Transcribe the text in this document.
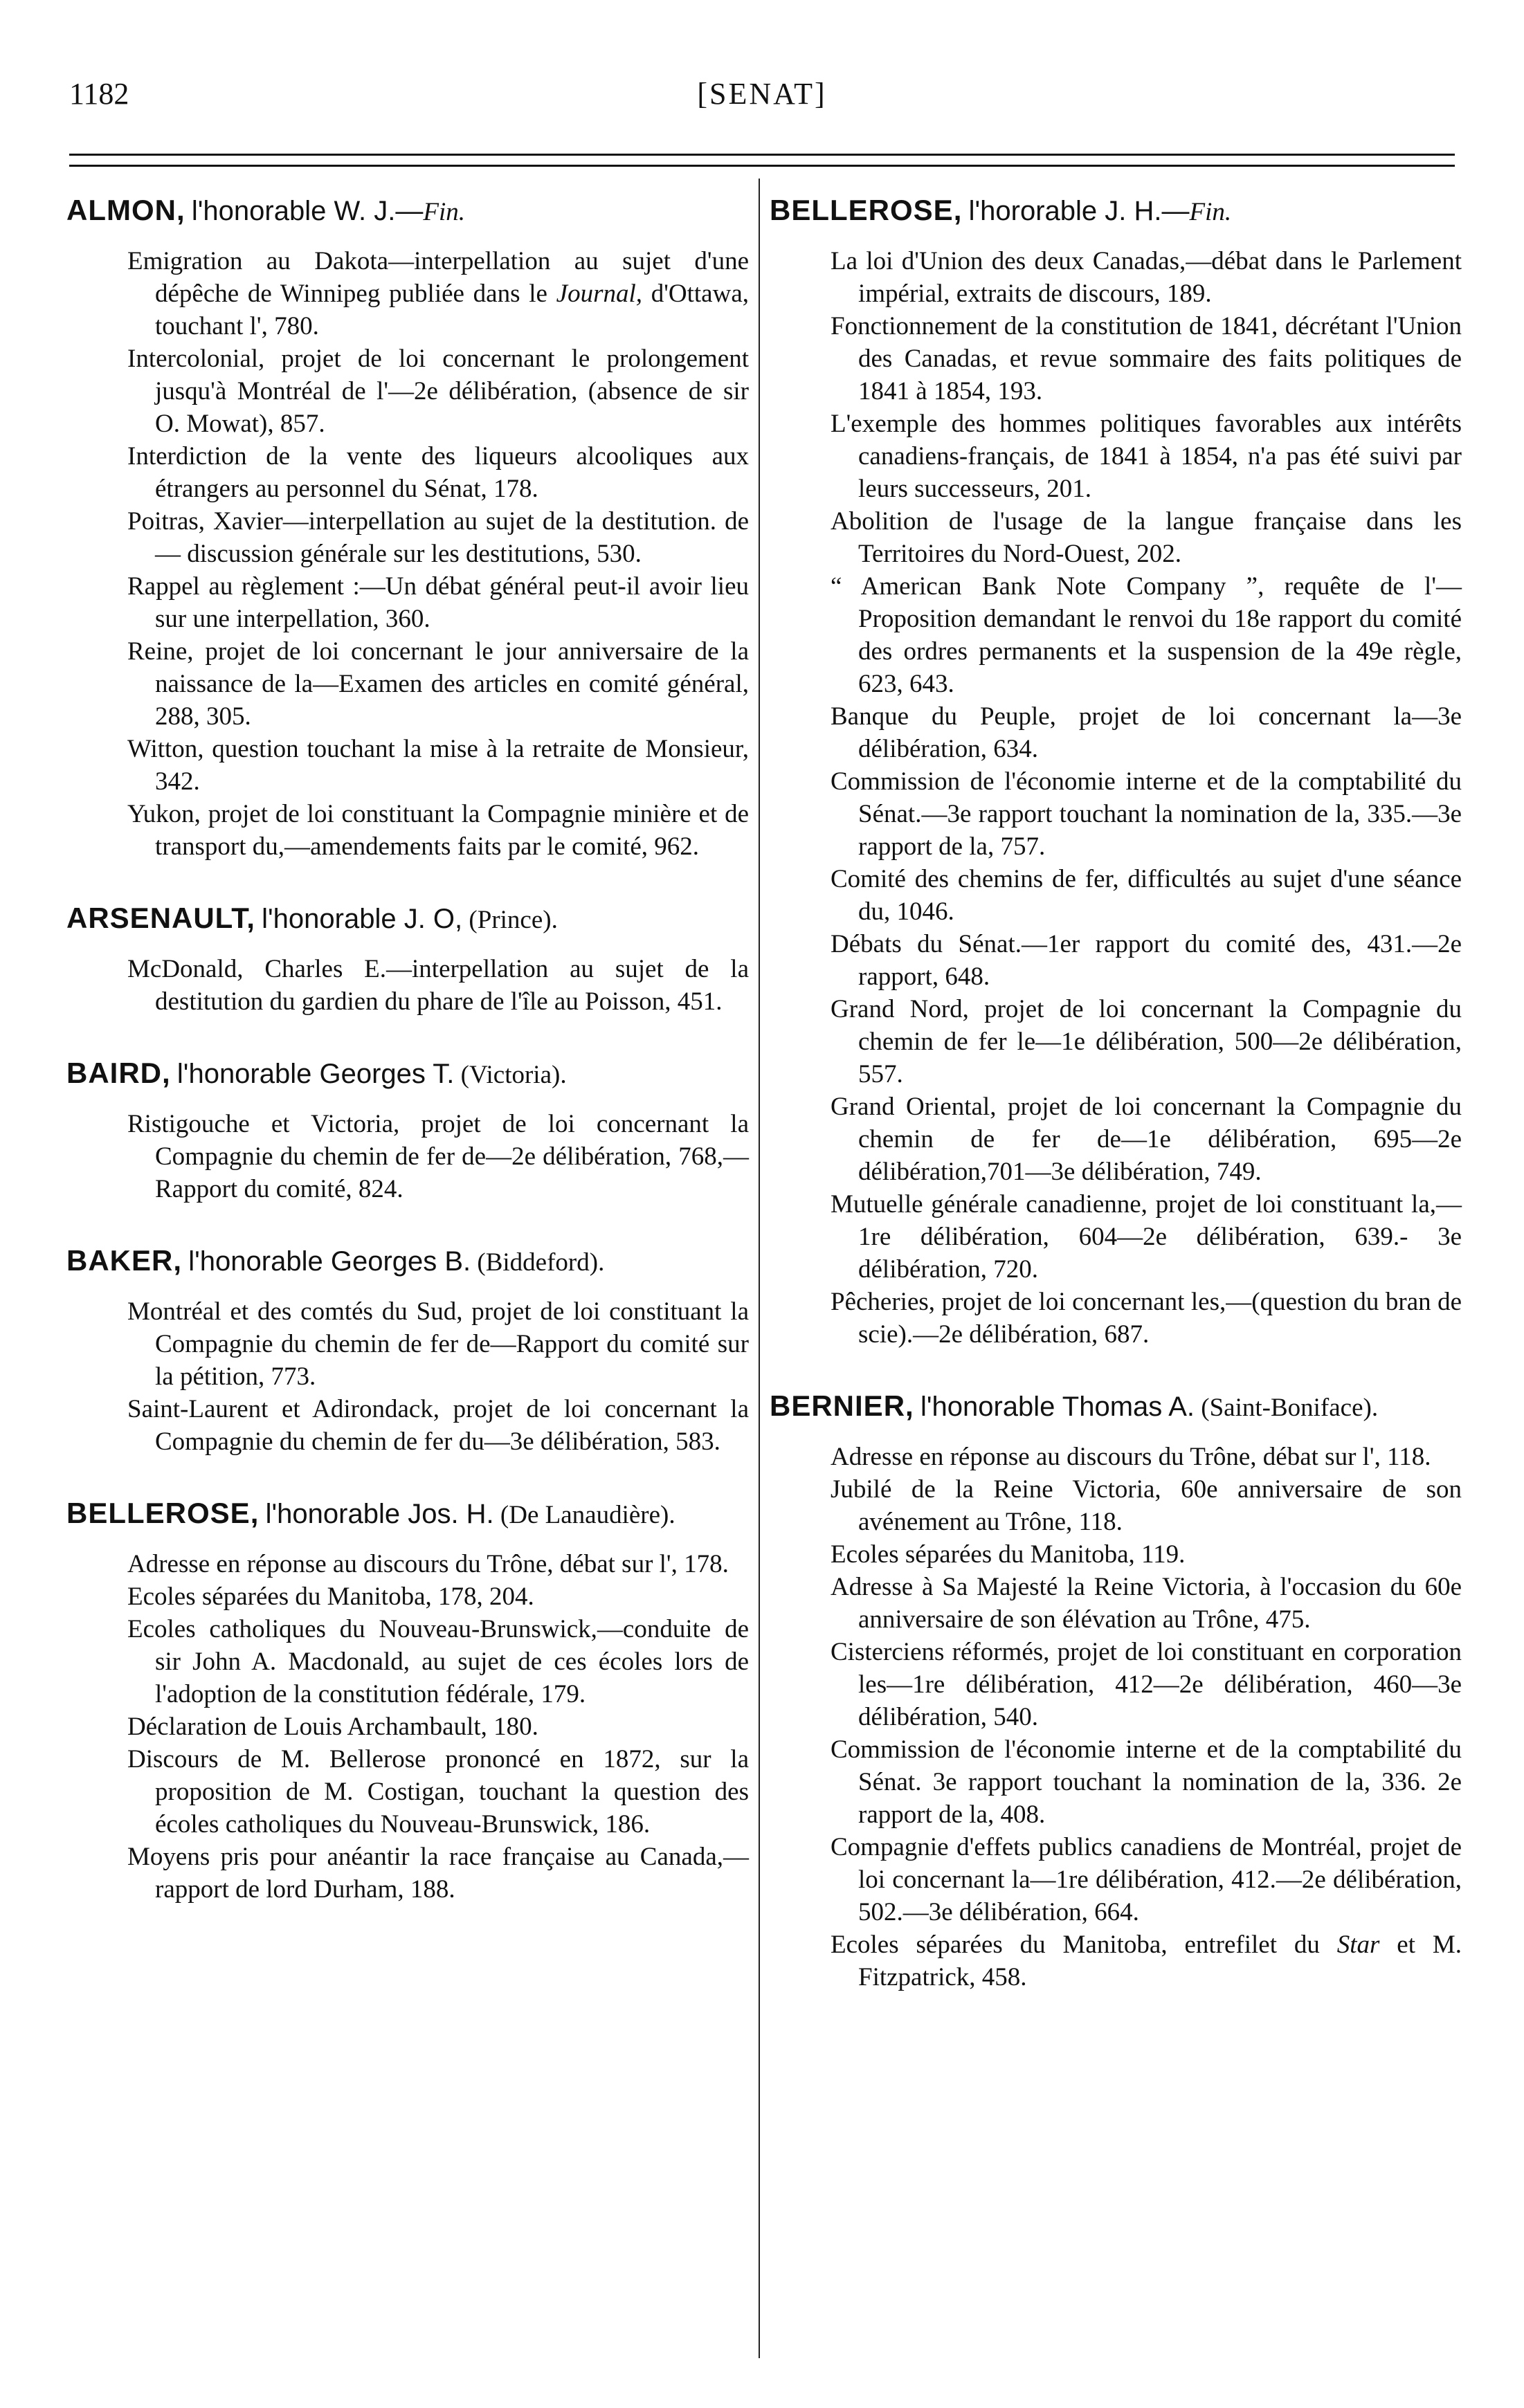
1182	[SENAT]

ALMON, l'honorable W. J.—Fin.

Emigration au Dakota—interpellation au sujet d'une dépêche de Winnipeg publiée dans le Journal, d'Ottawa, touchant l', 780.

Intercolonial, projet de loi concernant le prolongement jusqu'à Montréal de l'—2e délibération, (absence de sir O. Mowat), 857.

Interdiction de la vente des liqueurs alcooliques aux étrangers au personnel du Sénat, 178.

Poitras, Xavier—interpellation au sujet de la destitution. de— discussion générale sur les destitutions, 530.

Rappel au règlement :—Un débat général peut-il avoir lieu sur une interpellation, 360.

Reine, projet de loi concernant le jour anniversaire de la naissance de la—Examen des articles en comité général, 288, 305.

Witton, question touchant la mise à la retraite de Monsieur, 342.

Yukon, projet de loi constituant la Compagnie minière et de transport du,—amendements faits par le comité, 962.

ARSENAULT, l'honorable J. O, (Prince).

McDonald, Charles E.—interpellation au sujet de la destitution du gardien du phare de l'île au Poisson, 451.

BAIRD, l'honorable Georges T. (Victoria).

Ristigouche et Victoria, projet de loi concernant la Compagnie du chemin de fer de—2e délibération, 768,—Rapport du comité, 824.

BAKER, l'honorable Georges B. (Biddeford).

Montréal et des comtés du Sud, projet de loi constituant la Compagnie du chemin de fer de—Rapport du comité sur la pétition, 773.

Saint-Laurent et Adirondack, projet de loi concernant la Compagnie du chemin de fer du—3e délibération, 583.

BELLEROSE, l'honorable Jos. H. (De Lanaudière).

Adresse en réponse au discours du Trône, débat sur l', 178.

Ecoles séparées du Manitoba, 178, 204.

Ecoles catholiques du Nouveau-Brunswick,—conduite de sir John A. Macdonald, au sujet de ces écoles lors de l'adoption de la constitution fédérale, 179.

Déclaration de Louis Archambault, 180.

Discours de M. Bellerose prononcé en 1872, sur la proposition de M. Costigan, touchant la question des écoles catholiques du Nouveau-Brunswick, 186.

Moyens pris pour anéantir la race française au Canada,—rapport de lord Durham, 188.

BELLEROSE, l'hororable J. H.—Fin.

La loi d'Union des deux Canadas,—débat dans le Parlement impérial, extraits de discours, 189.

Fonctionnement de la constitution de 1841, décrétant l'Union des Canadas, et revue sommaire des faits politiques de 1841 à 1854, 193.

L'exemple des hommes politiques favorables aux intérêts canadiens-français, de 1841 à 1854, n'a pas été suivi par leurs successeurs, 201.

Abolition de l'usage de la langue française dans les Territoires du Nord-Ouest, 202.

“ American Bank Note Company ”, requête de l'—Proposition demandant le renvoi du 18e rapport du comité des ordres permanents et la suspension de la 49e règle, 623, 643.

Banque du Peuple, projet de loi concernant la—3e délibération, 634.

Commission de l'économie interne et de la comptabilité du Sénat.—3e rapport touchant la nomination de la, 335.—3e rapport de la, 757.

Comité des chemins de fer, difficultés au sujet d'une séance du, 1046.

Débats du Sénat.—1er rapport du comité des, 431.—2e rapport, 648.

Grand Nord, projet de loi concernant la Compagnie du chemin de fer le—1e délibération, 500—2e délibération, 557.

Grand Oriental, projet de loi concernant la Compagnie du chemin de fer de—1e délibération, 695—2e délibération,701—3e délibération, 749.

Mutuelle générale canadienne, projet de loi constituant la,—1re délibération, 604—2e délibération, 639.- 3e délibération, 720.

Pêcheries, projet de loi concernant les,—(question du bran de scie).—2e délibération, 687.

BERNIER, l'honorable Thomas A. (Saint-Boniface).

Adresse en réponse au discours du Trône, débat sur l', 118.

Jubilé de la Reine Victoria, 60e anniversaire de son avénement au Trône, 118.

Ecoles séparées du Manitoba, 119.

Adresse à Sa Majesté la Reine Victoria, à l'occasion du 60e anniversaire de son élévation au Trône, 475.

Cisterciens réformés, projet de loi constituant en corporation les—1re délibération, 412—2e délibération, 460—3e délibération, 540.

Commission de l'économie interne et de la comptabilité du Sénat. 3e rapport touchant la nomination de la, 336. 2e rapport de la, 408.

Compagnie d'effets publics canadiens de Montréal, projet de loi concernant la—1re délibération, 412.—2e délibération, 502.—3e délibération, 664.

Ecoles séparées du Manitoba, entrefilet du Star et M. Fitzpatrick, 458.
